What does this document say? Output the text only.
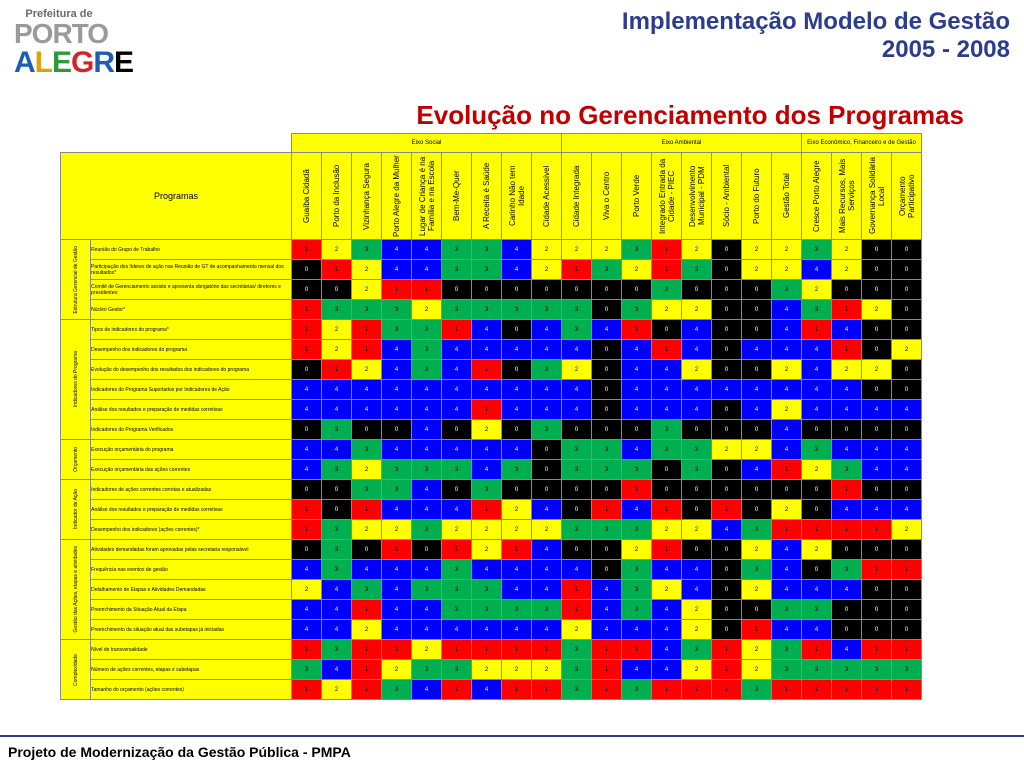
Prefeitura de
PORTO
ALEGRE
Implementação Modelo de Gestão
2005 - 2008
Evolução no Gerenciamento dos Programas
		Eixo Social									Eixo Ambiental								Eixo Econômico, Financeiro e de Gestão			
Programas		Guaíba Cidadã	Porto da Inclusão	Vizinhança Segura	Porto Alegre da Mulher	Lugar de Criança é na Família e na Escola	Bem-Me-Quer	A Receita é Saúde	Carinho Não tem Idade	Cidade Acessível	Cidade Integrada	Viva o Centro	Porto Verde	Integrado Entrada da Cidade - PIEC	Desenvolvimento Municipal - PDM	Sócio - Ambiental	Porto do Futuro	Gestão Total	Cresce Porto Alegre	Mais Recursos, Mais Serviços	Governança Solidária Local	Orçamento Participativo

Estrutura Gerencial de Gestão	Reunião do Grupo de Trabalho	1	2	3	4	4	3	3	4	2	2	2	3	1	2	0	2	2	3	2	0	0
	Participação dos líderes de ação nas Reunião de GT de acompanhamento mensal dos resultados*	0	1	2	4	4	3	3	4	2	1	3	2	1	3	0	2	2	4	2	0	0
	Comitê de Gerenciamento assiste e apresenta obrigatório das secretárias/ diretores e presidentes:	0	0	2	1	1	0	0	0	0	0	0	0	3	0	0	0	3	2	0	0	0
	Núcleo Gestor*	1	3	3	3	2	3	3	3	3	3	0	3	2	2	0	0	4	3	1	2	0

Indicadores do Programa	Tipos de indicadores do programa*	1	2	1	3	3	1	4	0	4	3	4	1	0	4	0	0	4	1	4	0	0
	Desempenho dos indicadores do programa	1	2	1	4	3	4	4	4	4	4	0	4	1	4	0	4	4	4	1	0	2
	Evolução do desempenho dos resultados dos indicadores do programa	0	1	2	4	3	4	1	0	3	2	0	4	4	2	0	0	2	4	2	2	0
	Indicadores do Programa Suportados por Indicadores de Ação	4	4	4	4	4	4	4	4	4	4	0	4	4	4	4	4	4	4	4	0	0
	Análise dos resultados e preparação de medidas corretivas	4	4	4	4	4	4	1	4	4	4	0	4	4	4	0	4	2	4	4	4	4
	Indicadores do Programa Verificados	0	3	0	0	4	0	2	0	3	0	0	0	3	0	0	0	4	0	0	0	0

Orçamento	Execução orçamentária do programa	4	4	3	4	4	4	4	4	0	3	3	4	3	3	2	2	4	3	4	4	4
	Execução orçamentária das ações correntes	4	3	2	3	3	3	4	3	0	3	3	3	0	3	0	4	1	2	3	4	4

Indicador de Ação	Indicadores de ações correntes corretas e atualizadas	0	0	3	3	4	0	3	0	0	0	0	1	0	0	0	0	0	0	1	0	0
	Análise dos resultados e preparação de medidas corretivas	1	0	1	4	4	4	1	2	4	0	1	4	1	0	1	0	2	0	4	4	4
	Desempenho dos indicadores (ações correntes)*	1	3	2	2	3	2	2	2	2	3	3	3	2	2	4	3	1	1	1	1	2

Gestão das Ações, etapas e atividades	Atividades demandadas foram aprovadas pelas secretaria responsável	0	3	0	1	0	1	2	1	4	0	0	2	1	0	0	2	4	2	0	0	0
	Frequência nas eventos de gestão	4	3	4	4	4	3	4	4	4	4	0	3	4	4	0	3	4	0	3	1	1
	Detalhamento de Etapas e Atividades Demandadas	2	4	3	4	3	3	3	4	4	1	4	3	2	4	0	2	4	4	4	0	0
	Preenchimento da Situação Atual da Etapa	4	4	1	4	4	3	3	3	3	1	4	3	4	2	0	0	3	3	0	0	0
	Preenchimento da situação atual das subetapas já iniciadas	4	4	2	4	4	4	4	4	4	2	4	4	4	2	0	1	4	4	0	0	0

Complexidade	Nível de transversalidade	1	3	1	1	2	1	1	1	1	3	1	1	4	3	1	2	3	1	4	1	1
	Número de ações correntes, etapas e subetapas	3	4	1	2	3	3	2	2	2	3	1	4	4	2	1	2	3	3	3	3	3
	Tamanho do orçamento (ações correntes)	1	2	1	3	4	1	4	1	1	3	1	3	1	1	1	3	1	1	1	1	1
Projeto de Modernização da Gestão Pública - PMPA
